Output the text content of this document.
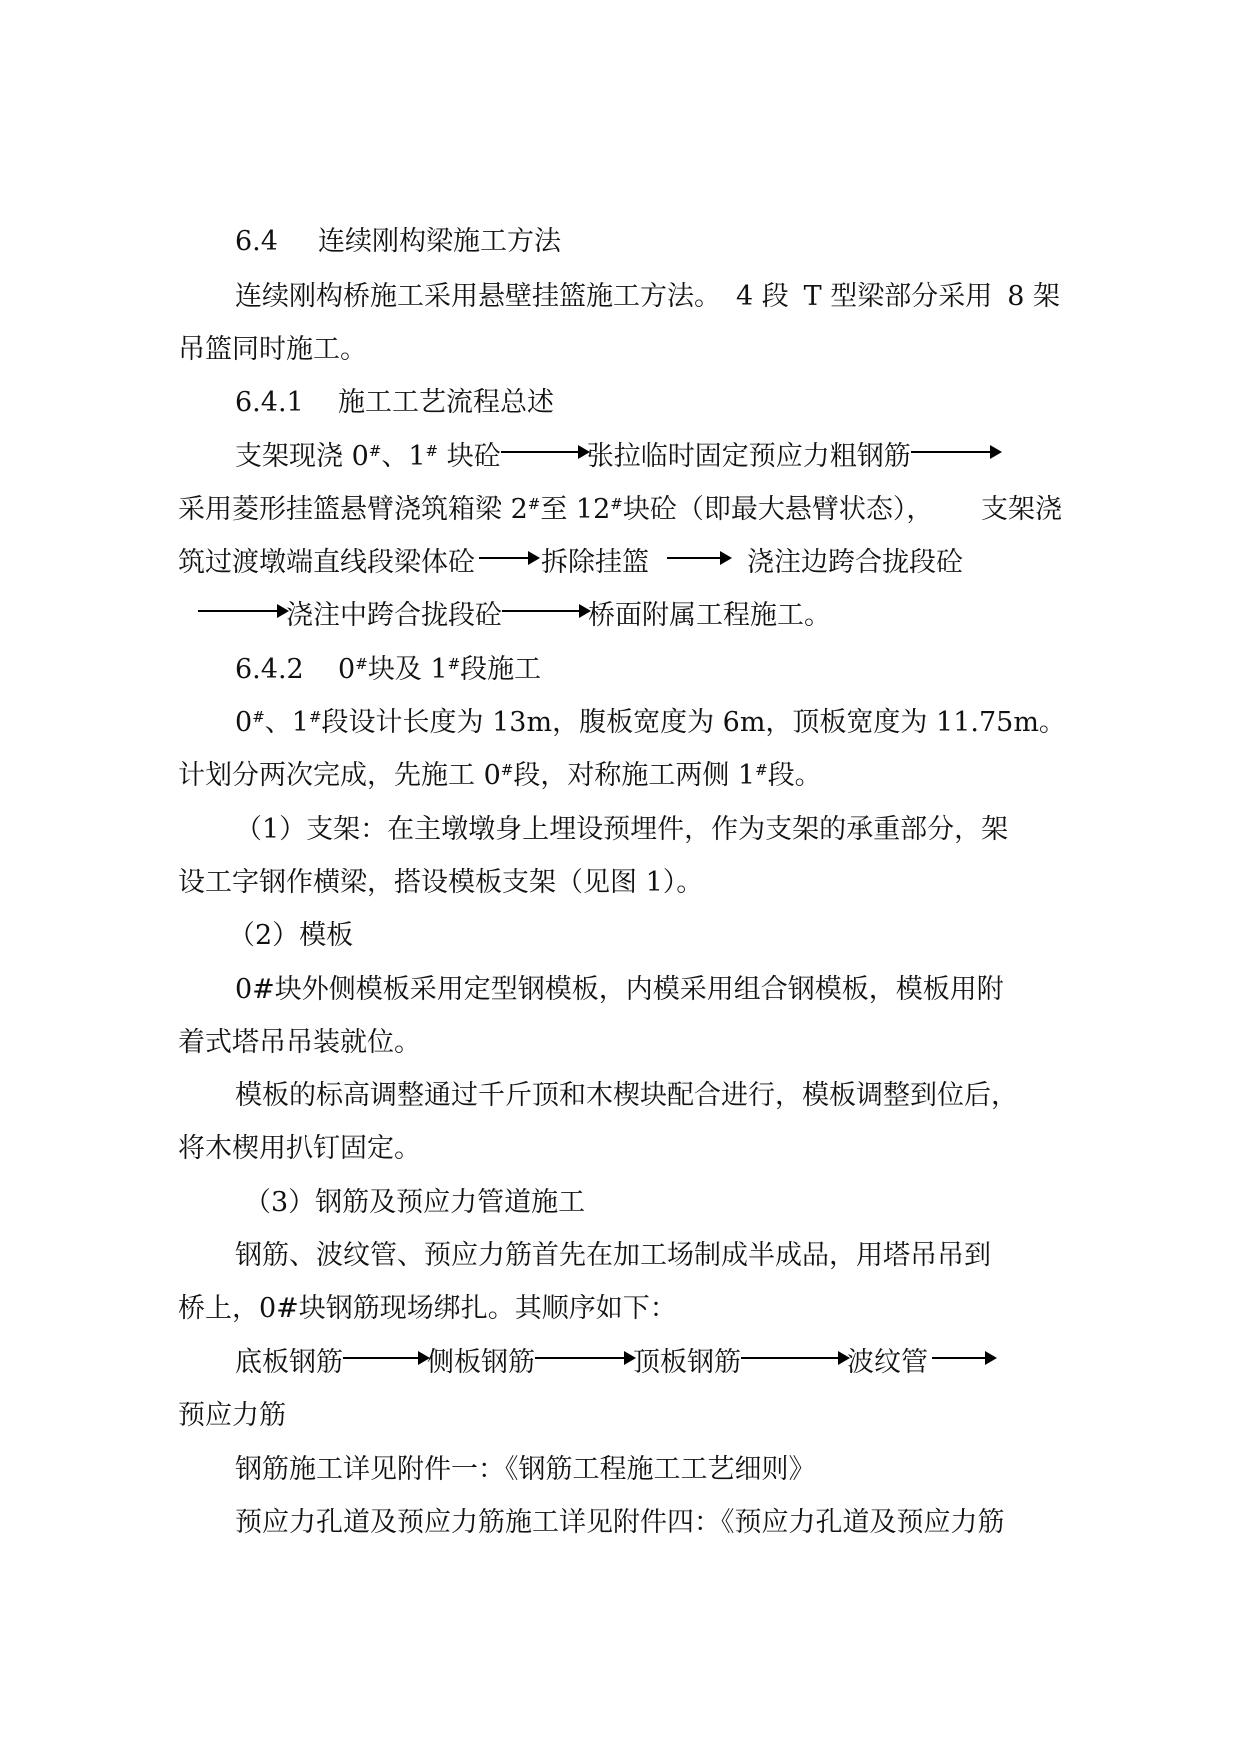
6.4 连续刚构梁施工方法
连续刚构桥施工采用悬壁挂篮施工方法。 4 段 T 型梁部分采用 8 架
吊篮同时施工。
6.4.1 施工工艺流程总述
支架现浇 0#、1# 块砼	张拉临时固定预应力粗钢筋
采用菱形挂篮悬臂浇筑箱梁 2#至 12#块砼（即最大悬臂状态）， 支架浇
筑过渡墩端直线段梁体砼 拆除挂篮	浇注边跨合拢段砼
浇注中跨合拢段砼	桥面附属工程施工。
6.4.2 0#块及 1#段施工
0#、1#段设计长度为 13m，腹板宽度为 6m，顶板宽度为 11.75m。
计划分两次完成，先施工 0#段，对称施工两侧 1#段。
（1）支架：在主墩墩身上埋设预埋件，作为支架的承重部分，架
设工字钢作横梁，搭设模板支架（见图 1）。
（2）模板
0#块外侧模板采用定型钢模板，内模采用组合钢模板，模板用附
着式塔吊吊装就位。
模板的标高调整通过千斤顶和木楔块配合进行，模板调整到位后，
将木楔用扒钉固定。
（3）钢筋及预应力管道施工
钢筋、波纹管、预应力筋首先在加工场制成半成品，用塔吊吊到
桥上，0#块钢筋现场绑扎。其顺序如下：
底板钢筋	侧板钢筋	顶板钢筋	波纹管
预应力筋
钢筋施工详见附件一：《钢筋工程施工工艺细则》
预应力孔道及预应力筋施工详见附件四：《预应力孔道及预应力筋
